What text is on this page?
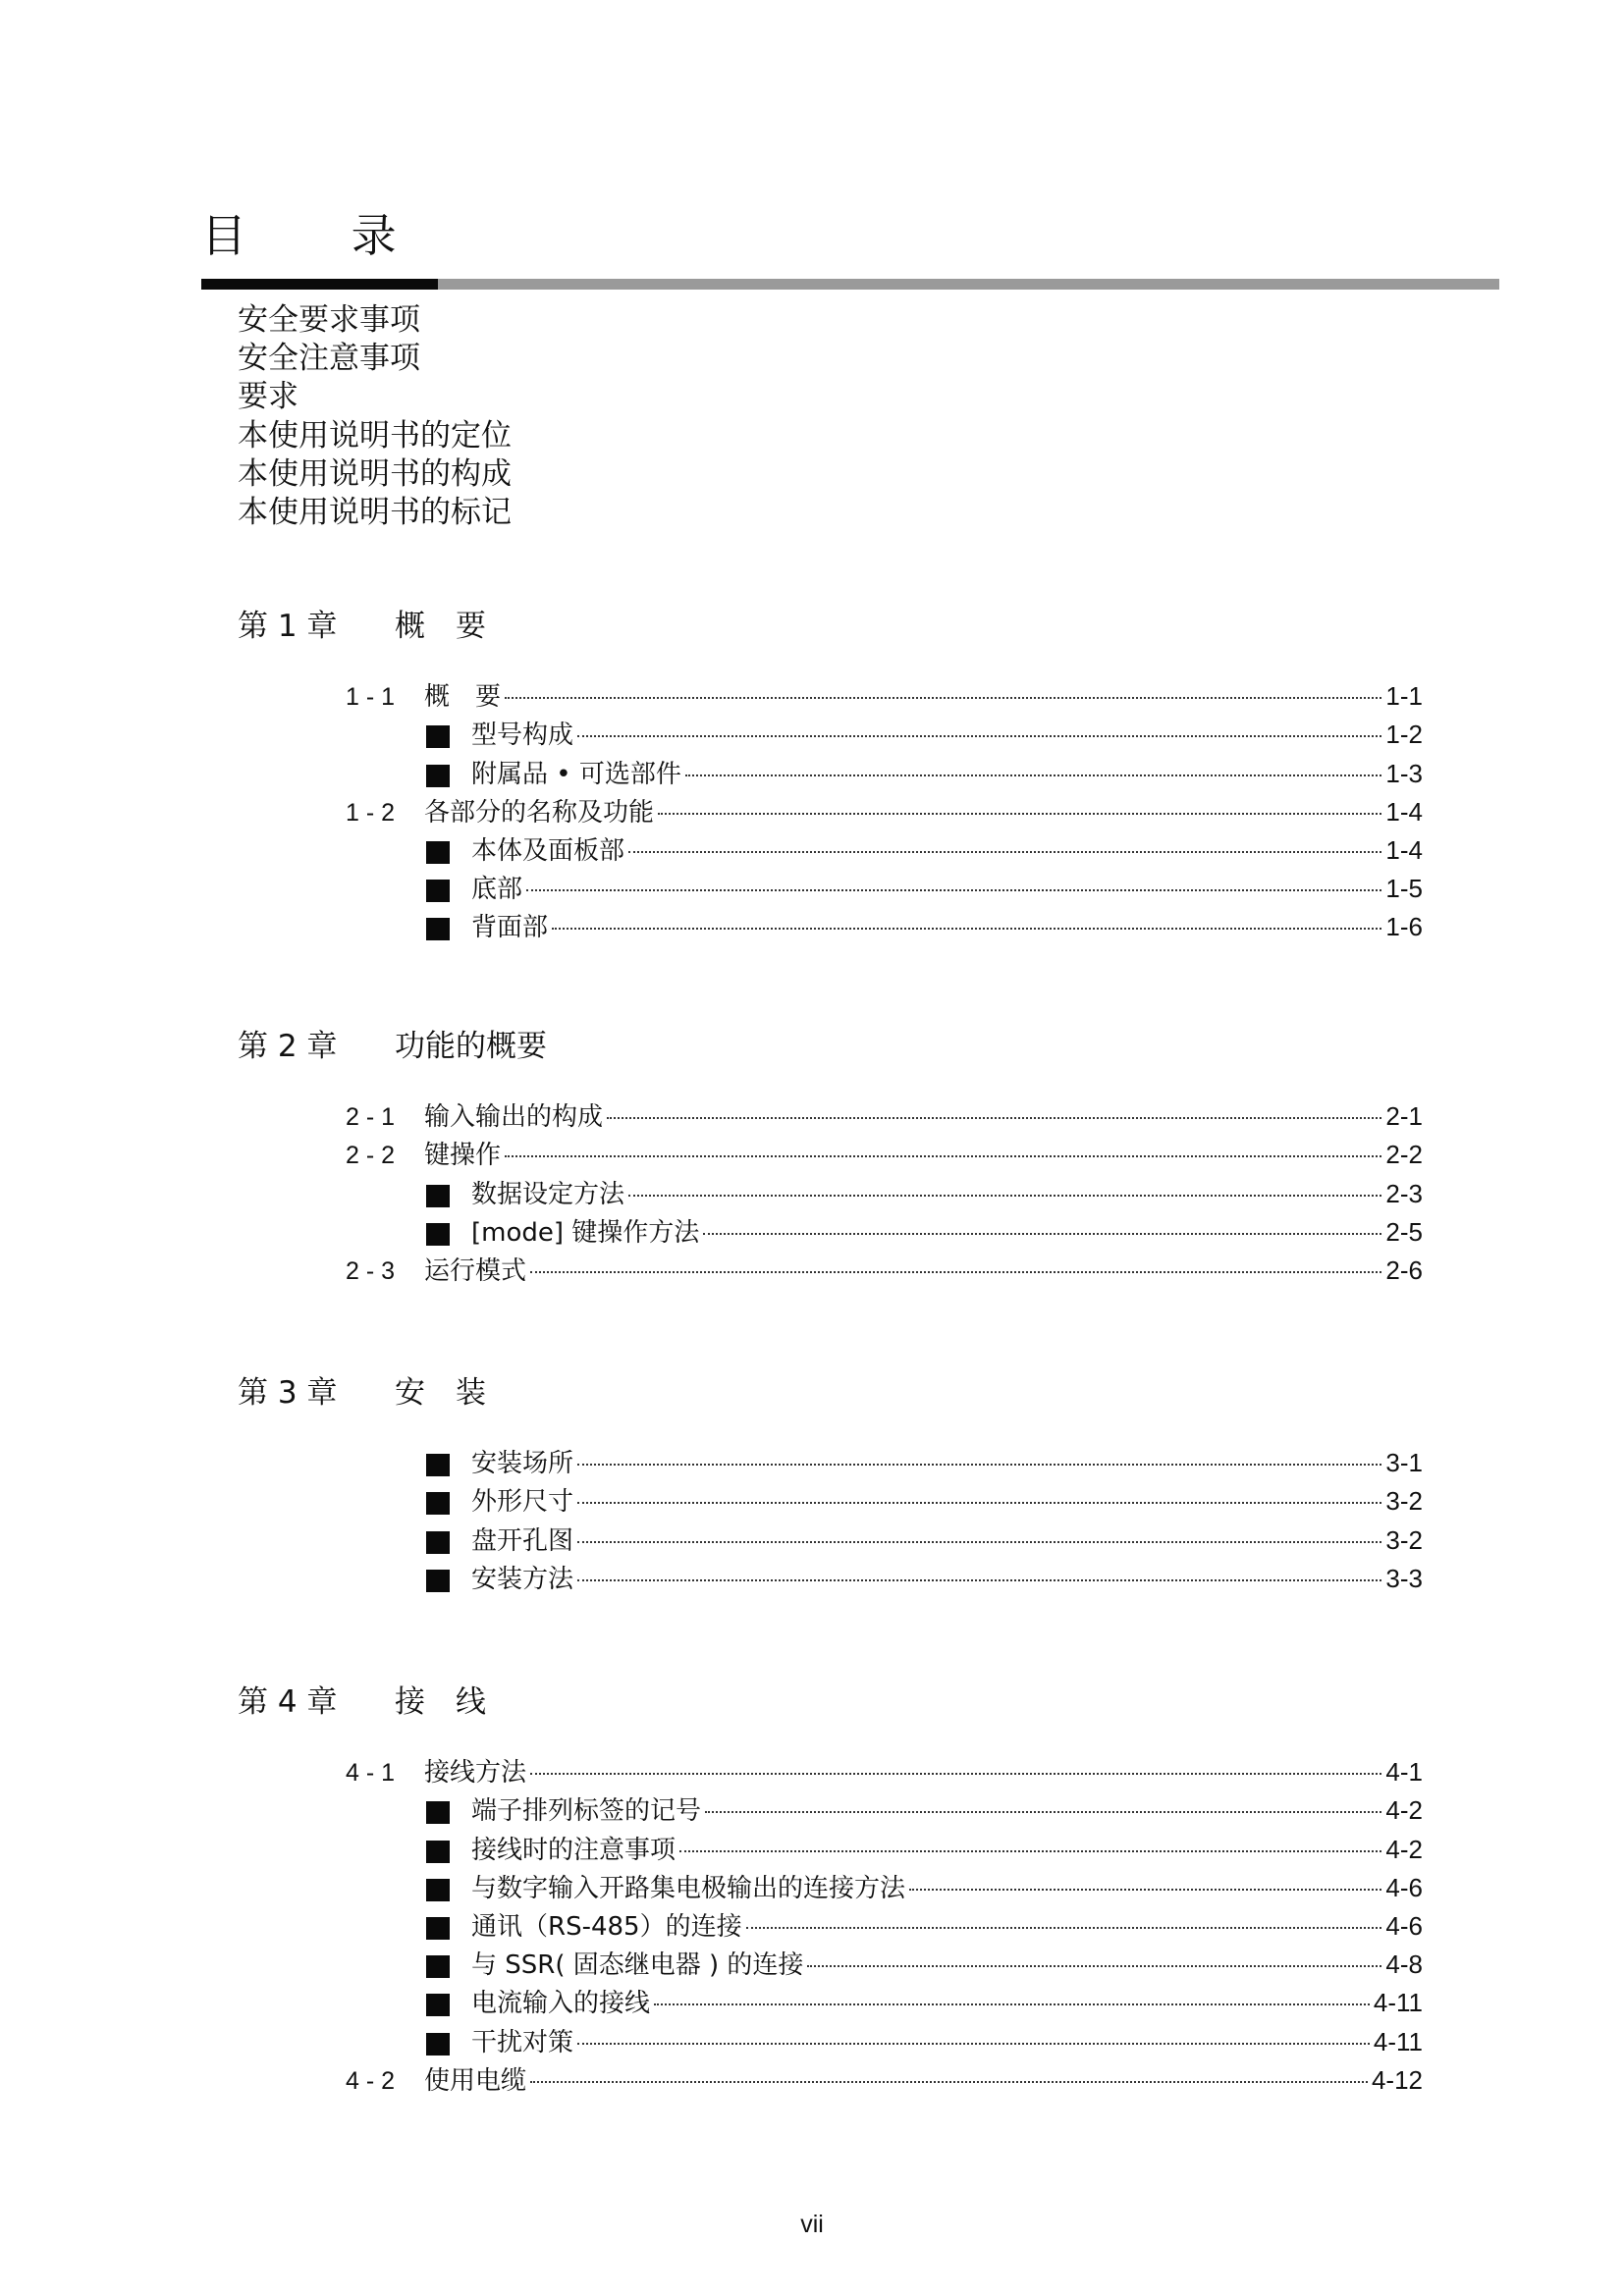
目 录
安全要求事项
安全注意事项
要求
本使用说明书的定位
本使用说明书的构成
本使用说明书的标记
第 1 章 概　要
1 - 1	概　要	1-1
型号构成	1-2
附属品 • 可选部件	1-3
1 - 2	各部分的名称及功能	1-4
本体及面板部	1-4
底部	1-5
背面部	1-6
第 2 章 功能的概要
2 - 1	输入输出的构成	2-1
2 - 2	键操作	2-2
数据设定方法	2-3
[mode] 键操作方法	2-5
2 - 3	运行模式	2-6
第 3 章 安　装
安装场所	3-1
外形尺寸	3-2
盘开孔图	3-2
安装方法	3-3
第 4 章 接　线
4 - 1	接线方法	4-1
端子排列标签的记号	4-2
接线时的注意事项	4-2
与数字输入开路集电极输出的连接方法	4-6
通讯（RS-485）的连接	4-6
与 SSR( 固态继电器 ) 的连接	4-8
电流输入的接线	4-11
干扰对策	4-11
4 - 2	使用电缆	4-12
vii
